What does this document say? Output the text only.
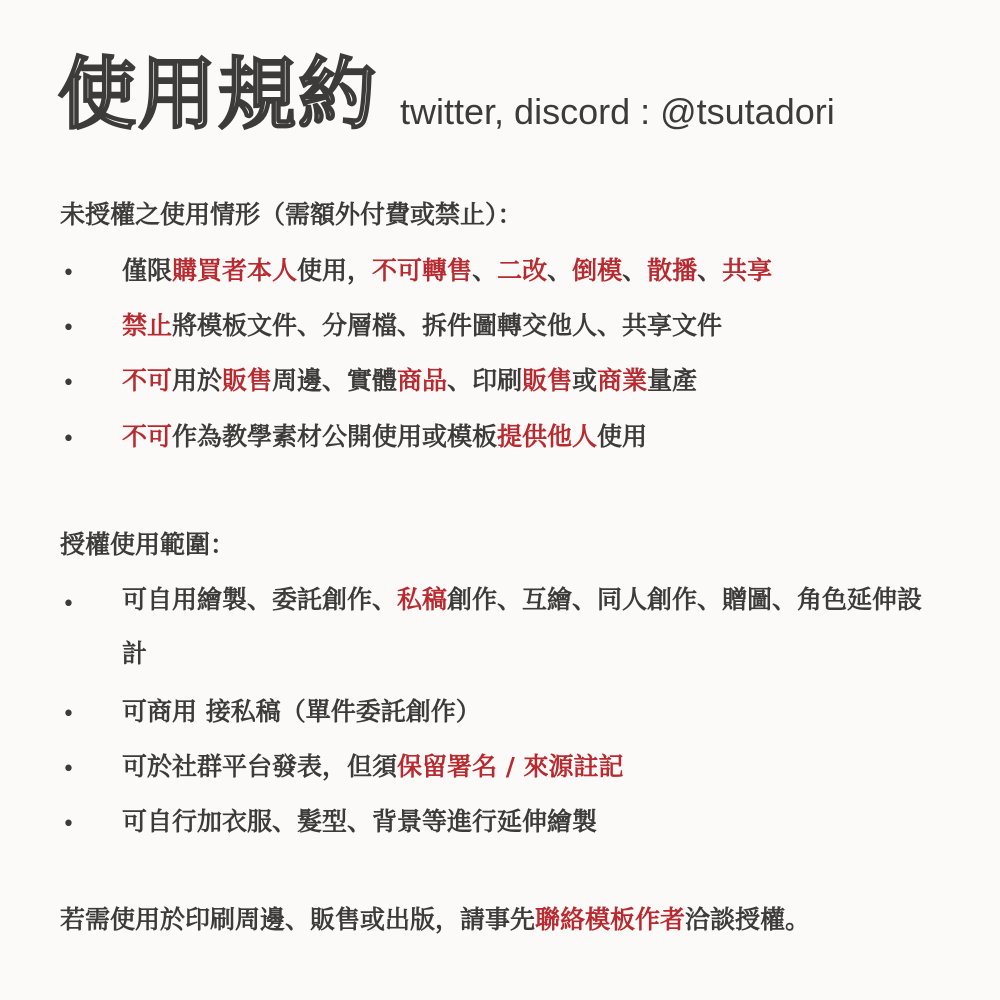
使用規約 twitter, discord : @tsutadori
未授權之使用情形（需額外付費或禁止）：
• 僅限購買者本人使用，不可轉售、二改、倒模、散播、共享
• 禁止將模板文件、分層檔、拆件圖轉交他人、共享文件
• 不可用於販售周邊、實體商品、印刷販售或商業量產
• 不可作為教學素材公開使用或模板提供他人使用
授權使用範圍：
• 可自用繪製、委託創作、私稿創作、互繪、同人創作、贈圖、角色延伸設計
• 可商用 接私稿（單件委託創作）
• 可於社群平台發表，但須保留署名 / 來源註記
• 可自行加衣服、髮型、背景等進行延伸繪製
若需使用於印刷周邊、販售或出版，請事先聯絡模板作者洽談授權。
